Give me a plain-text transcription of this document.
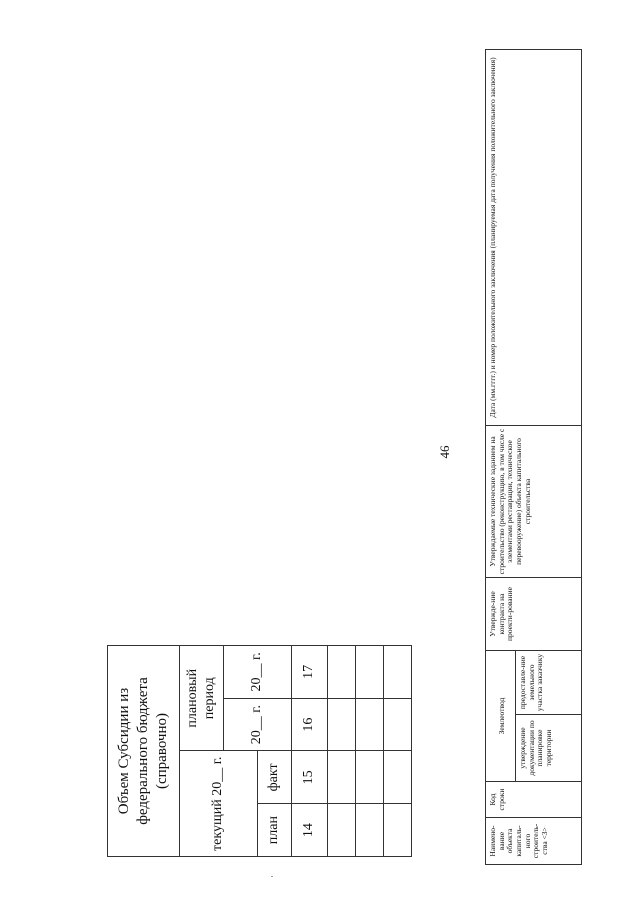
46
Объем Субсидии из федерального бюджета (справочно)			
текущий 20__ г.		плановый период	
		20__ г.	20__ г.
план	факт		
14	15	16	17

Наимено-вание объекта капиталь-ного строитель-ства <3>	Код строки	Землеотвод		Утвержде-ние контракта на проекти-рование	Утверждаемые технические заданием на строительство (реконструкцию, в том числе с элементами реставрации, техническое перевооружение) объекта капитального строительства	Дата (мм.гггг.) и номер положительного заключения (планируемая дата получения положительного заключения)
		утверждение документации по планировке территории	предоставле-ние земельного участка заказчику			
